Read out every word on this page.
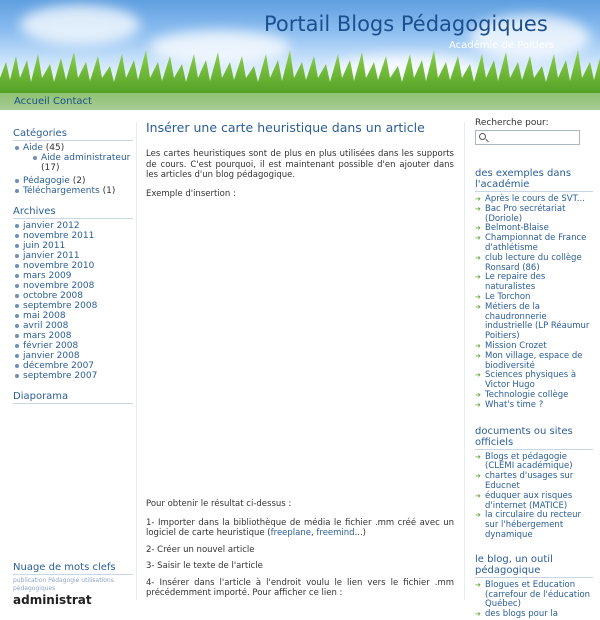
Portail Blogs Pédagogiques
Académie de Poitiers
Accueil Contact
Catégories
Aide (45)
Aide administrateur
(17)
Pédagogie (2)
Téléchargements (1)
Archives
janvier 2012
novembre 2011
juin 2011
janvier 2011
novembre 2010
mars 2009
novembre 2008
octobre 2008
septembre 2008
mai 2008
avril 2008
mars 2008
février 2008
janvier 2008
décembre 2007
septembre 2007
Diaporama
Nuage de mots clefs
publication Pédagogie utilisations pédagogiques
administrat
Insérer une carte heuristique dans un article
Les cartes heuristiques sont de plus en plus utilisées dans les supports de cours. C'est pourquoi, il est maintenant possible d'en ajouter dans les articles d'un blog pédagogique.
Exemple d'insertion :
Pour obtenir le résultat ci-dessus :
1- Importer dans la bibliothèque de média le fichier .mm créé avec un logiciel de carte heuristique (freeplane, freemind...)
2- Créer un nouvel article
3- Saisir le texte de l'article
4- Insérer dans l'article à l'endroit voulu le lien vers le fichier .mm précédemment importé. Pour afficher ce lien :
Recherche pour:
des exemples dans l'académie
➔ Après le cours de SVT...
➔ Bac Pro secrétariat (Doriole)
➔ Belmont-Blaise
➔ Championnat de France d'athlétisme
➔ club lecture du collège Ronsard (86)
➔ Le repaire des naturalistes
➔ Le Torchon
➔ Métiers de la chaudronnerie industrielle (LP Réaumur Poitiers)
➔ Mission Crozet
➔ Mon village, espace de biodiversité
➔ Sciences physiques à Victor Hugo
➔ Technologie collège
➔ What's time ?
documents ou sites officiels
➔ Blogs et pédagogie (CLEMI académique)
➔ chartes d'usages sur Educnet
➔ éduquer aux risques d'internet (MATICE)
➔ la circulaire du recteur sur l'hébergement dynamique
le blog, un outil pédagogique
➔ Blogues et Education (carrefour de l'éducation Québec)
➔ des blogs pour la
